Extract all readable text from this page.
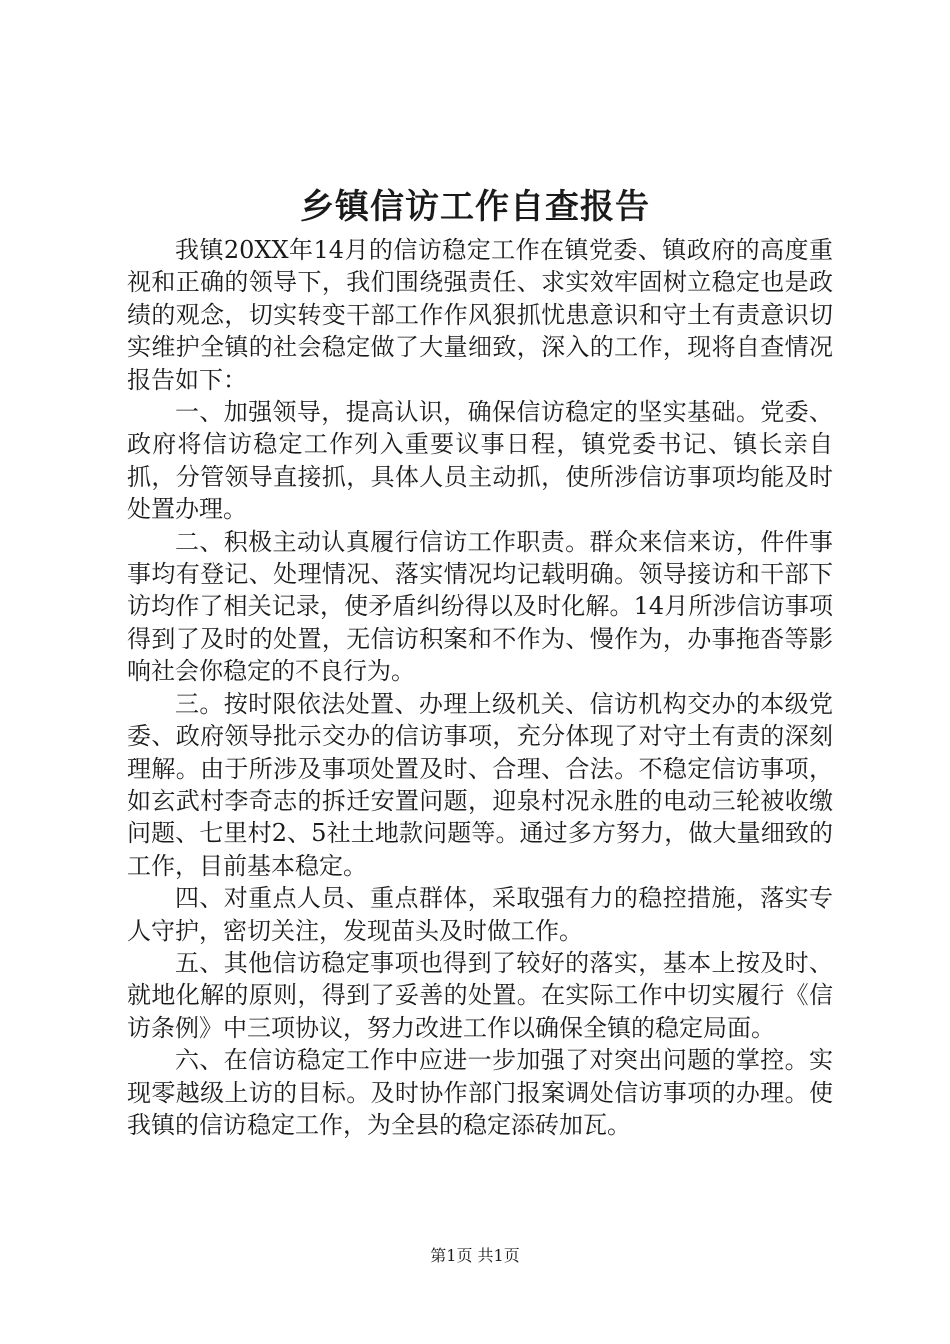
乡镇信访工作自查报告

我镇20XX年14月的信访稳定工作在镇党委、镇政府的高度重视和正确的领导下，我们围绕强责任、求实效牢固树立稳定也是政绩的观念，切实转变干部工作作风狠抓忧患意识和守土有责意识切实维护全镇的社会稳定做了大量细致，深入的工作，现将自查情况报告如下：

一、加强领导，提高认识，确保信访稳定的坚实基础。党委、政府将信访稳定工作列入重要议事日程，镇党委书记、镇长亲自抓，分管领导直接抓，具体人员主动抓，使所涉信访事项均能及时处置办理。

二、积极主动认真履行信访工作职责。群众来信来访，件件事事均有登记、处理情况、落实情况均记载明确。领导接访和干部下访均作了相关记录，使矛盾纠纷得以及时化解。14月所涉信访事项得到了及时的处置，无信访积案和不作为、慢作为，办事拖沓等影响社会你稳定的不良行为。

三。按时限依法处置、办理上级机关、信访机构交办的本级党委、政府领导批示交办的信访事项，充分体现了对守土有责的深刻理解。由于所涉及事项处置及时、合理、合法。不稳定信访事项，如玄武村李奇志的拆迁安置问题，迎泉村况永胜的电动三轮被收缴问题、七里村2、5社土地款问题等。通过多方努力，做大量细致的工作，目前基本稳定。

四、对重点人员、重点群体，采取强有力的稳控措施，落实专人守护，密切关注，发现苗头及时做工作。

五、其他信访稳定事项也得到了较好的落实，基本上按及时、就地化解的原则，得到了妥善的处置。在实际工作中切实履行《信访条例》中三项协议，努力改进工作以确保全镇的稳定局面。

六、在信访稳定工作中应进一步加强了对突出问题的掌控。实现零越级上访的目标。及时协作部门报案调处信访事项的办理。使我镇的信访稳定工作，为全县的稳定添砖加瓦。

第1页 共1页
